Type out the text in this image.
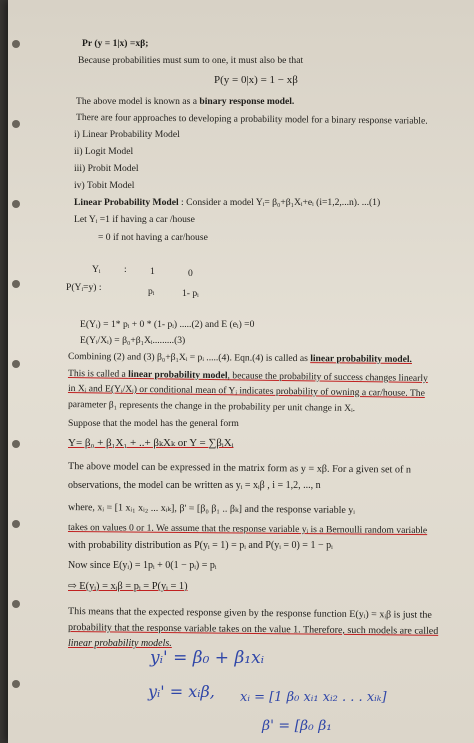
Pr (y = 1|x) =xβ;
Because probabilities must sum to one, it must also be that
P(y = 0|x) = 1 − xβ
The above model is known as a binary response model.
There are four approaches to developing a probability model for a binary response variable.
i) Linear Probability Model
ii) Logit Model
iii) Probit Model
iv) Tobit Model
Linear Probability Model : Consider a model Yᵢ= β₀+β₁Xᵢ+eᵢ (i=1,2,...n). ...(1)
Let Yᵢ =1 if having a car /house
= 0 if not having a car/house
Yᵢ : 1	0
P(Yᵢ=y) :	pᵢ	1- pᵢ
E(Yᵢ) = 1* pᵢ + 0 * (1- pᵢ) .....(2) and E (eᵢ) =0
E(Yᵢ/Xᵢ) = β₀+β₁Xᵢ.........(3)
Combining (2) and (3) β₀+β₁Xᵢ = pᵢ .....(4). Eqn.(4) is called as linear probability model.
This is called a linear probability model, because the probability of success changes linearly
in Xᵢ and E(Yᵢ/Xᵢ) or conditional mean of Yᵢ indicates probability of owning a car/house. The
parameter β₁ represents the change in the probability per unit change in Xᵢ.
Suppose that the model has the general form
Y= β₀ + β₁X₁ + ..+ βₖXₖ or Y = ∑βᵢXᵢ
The above model can be expressed in the matrix form as y = xβ. For a given set of n
observations, the model can be written as yᵢ = xᵢβ , i = 1,2, ..., n
where, xᵢ = [1 xᵢ₁ xᵢ₂ ... xᵢₖ], β' = [β₀ β₁ .. βₖ] and the response variable yᵢ
takes on values 0 or 1. We assume that the response variable yᵢ is a Bernoulli random variable
with probability distribution as P(yᵢ = 1) = pᵢ and P(yᵢ = 0) = 1 − pᵢ
Now since E(yᵢ) = 1pᵢ + 0(1 − pᵢ) = pᵢ
⇨ E(yᵢ) = xᵢβ = pᵢ = P(yᵢ = 1)
This means that the expected response given by the response function E(yᵢ) = xᵢβ is just the
probability that the response variable takes on the value 1. Therefore, such models are called
linear probability models.
yᵢ' = β₀ + β₁xᵢ
yᵢ' = xᵢβ, xᵢ = [1 β₀ xᵢ₁ xᵢ₂ . . . xᵢₖ]
β' = [β₀ β₁
